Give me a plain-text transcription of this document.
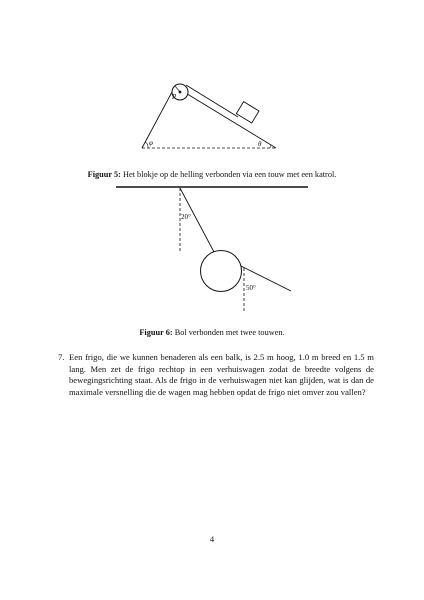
R
φ	θ
20°
50°
Figuur 5: Het blokje op de helling verbonden via een touw met een katrol.
Figuur 6: Bol verbonden met twee touwen.
7. Een frigo, die we kunnen benaderen als een balk, is 2.5 m hoog, 1.0 m breed en 1.5 m lang. Men zet de frigo rechtop in een verhuiswagen zodat de breedte volgens de bewegingsrichting staat. Als de frigo in de verhuiswagen niet kan glijden, wat is dan de maximale versnelling die de wagen mag hebben opdat de frigo niet omver zou vallen?
4
